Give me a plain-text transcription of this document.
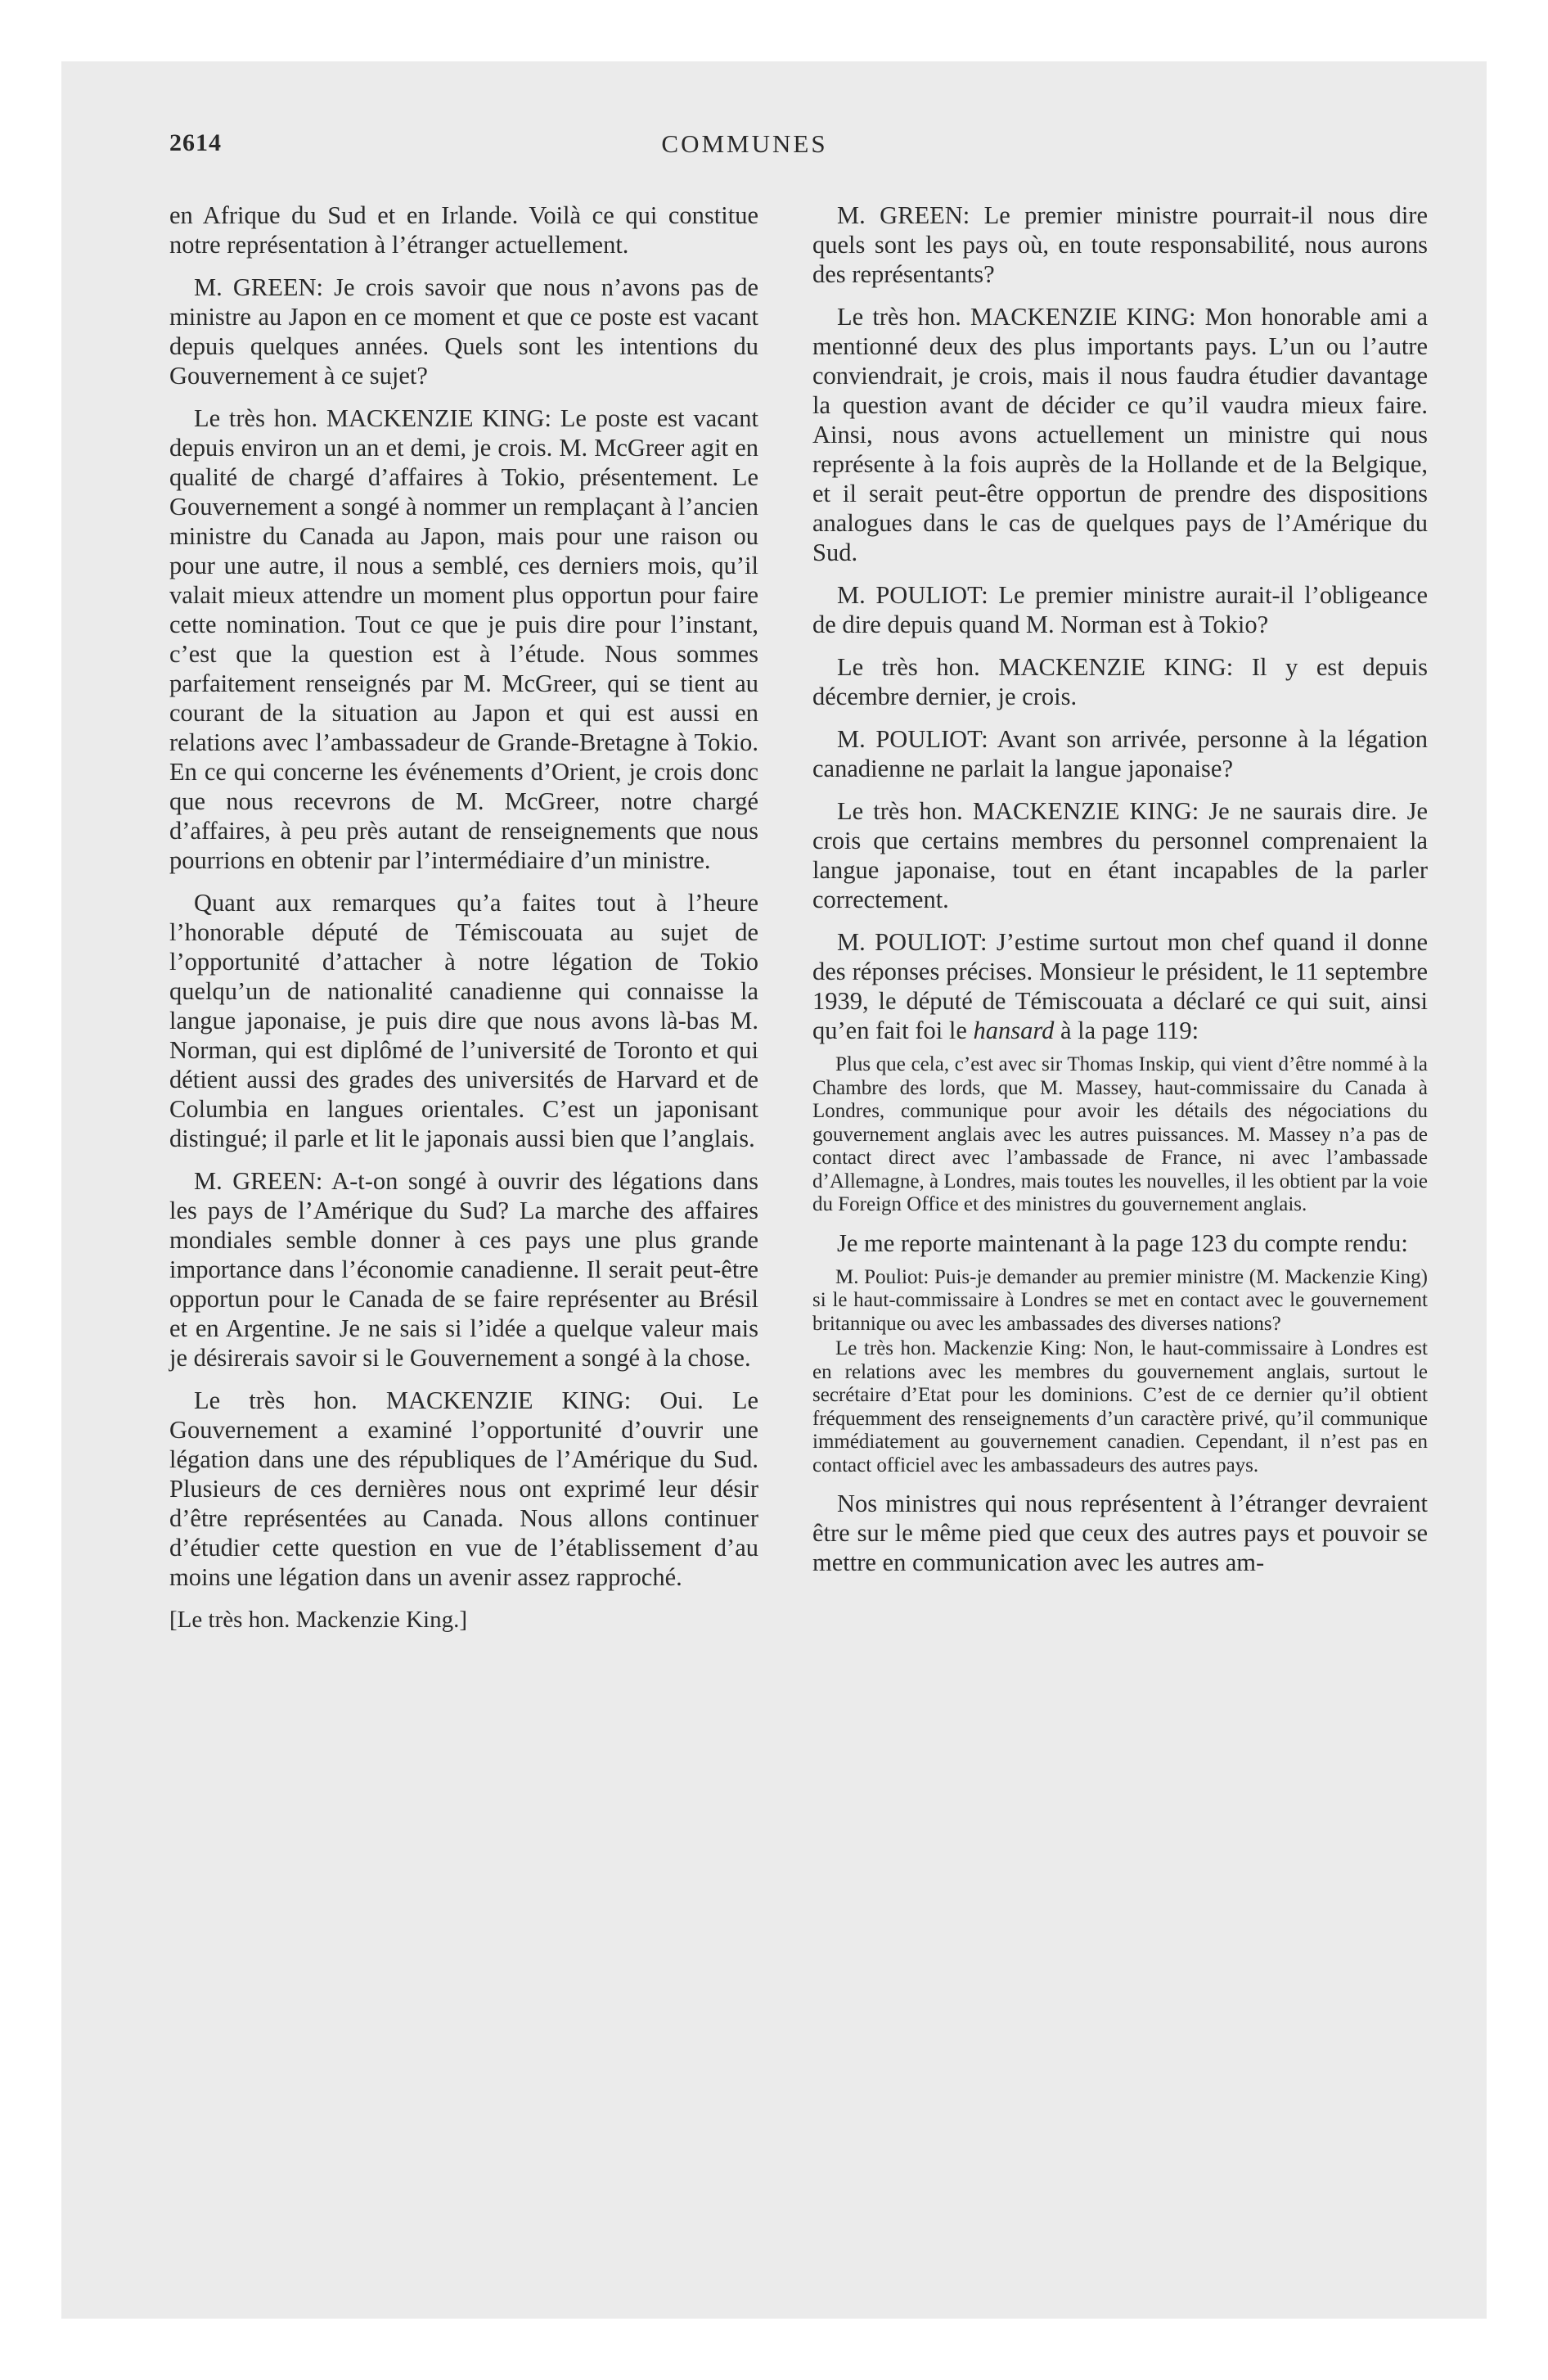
2614	COMMUNES

en Afrique du Sud et en Irlande. Voilà ce qui constitue notre représentation à l’étranger actuellement.

M. GREEN: Je crois savoir que nous n’avons pas de ministre au Japon en ce moment et que ce poste est vacant depuis quelques années. Quels sont les intentions du Gouvernement à ce sujet?

Le très hon. MACKENZIE KING: Le poste est vacant depuis environ un an et demi, je crois. M. McGreer agit en qualité de chargé d’affaires à Tokio, présentement. Le Gouvernement a songé à nommer un remplaçant à l’ancien ministre du Canada au Japon, mais pour une raison ou pour une autre, il nous a semblé, ces derniers mois, qu’il valait mieux attendre un moment plus opportun pour faire cette nomination. Tout ce que je puis dire pour l’instant, c’est que la question est à l’étude. Nous sommes parfaitement renseignés par M. McGreer, qui se tient au courant de la situation au Japon et qui est aussi en relations avec l’ambassadeur de Grande-Bretagne à Tokio. En ce qui concerne les événements d’Orient, je crois donc que nous recevrons de M. McGreer, notre chargé d’affaires, à peu près autant de renseignements que nous pourrions en obtenir par l’intermédiaire d’un ministre.

Quant aux remarques qu’a faites tout à l’heure l’honorable député de Témiscouata au sujet de l’opportunité d’attacher à notre légation de Tokio quelqu’un de nationalité canadienne qui connaisse la langue japonaise, je puis dire que nous avons là-bas M. Norman, qui est diplômé de l’université de Toronto et qui détient aussi des grades des universités de Harvard et de Columbia en langues orientales. C’est un japonisant distingué; il parle et lit le japonais aussi bien que l’anglais.

M. GREEN: A-t-on songé à ouvrir des légations dans les pays de l’Amérique du Sud? La marche des affaires mondiales semble donner à ces pays une plus grande importance dans l’économie canadienne. Il serait peut-être opportun pour le Canada de se faire représenter au Brésil et en Argentine. Je ne sais si l’idée a quelque valeur mais je désirerais savoir si le Gouvernement a songé à la chose.

Le très hon. MACKENZIE KING: Oui. Le Gouvernement a examiné l’opportunité d’ouvrir une légation dans une des républiques de l’Amérique du Sud. Plusieurs de ces dernières nous ont exprimé leur désir d’être représentées au Canada. Nous allons continuer d’étudier cette question en vue de l’établissement d’au moins une légation dans un avenir assez rapproché.

[Le très hon. Mackenzie King.]

M. GREEN: Le premier ministre pourrait-il nous dire quels sont les pays où, en toute responsabilité, nous aurons des représentants?

Le très hon. MACKENZIE KING: Mon honorable ami a mentionné deux des plus importants pays. L’un ou l’autre conviendrait, je crois, mais il nous faudra étudier davantage la question avant de décider ce qu’il vaudra mieux faire. Ainsi, nous avons actuellement un ministre qui nous représente à la fois auprès de la Hollande et de la Belgique, et il serait peut-être opportun de prendre des dispositions analogues dans le cas de quelques pays de l’Amérique du Sud.

M. POULIOT: Le premier ministre aurait-il l’obligeance de dire depuis quand M. Norman est à Tokio?

Le très hon. MACKENZIE KING: Il y est depuis décembre dernier, je crois.

M. POULIOT: Avant son arrivée, personne à la légation canadienne ne parlait la langue japonaise?

Le très hon. MACKENZIE KING: Je ne saurais dire. Je crois que certains membres du personnel comprenaient la langue japonaise, tout en étant incapables de la parler correctement.

M. POULIOT: J’estime surtout mon chef quand il donne des réponses précises. Monsieur le président, le 11 septembre 1939, le député de Témiscouata a déclaré ce qui suit, ainsi qu’en fait foi le hansard à la page 119:

Plus que cela, c’est avec sir Thomas Inskip, qui vient d’être nommé à la Chambre des lords, que M. Massey, haut-commissaire du Canada à Londres, communique pour avoir les détails des négociations du gouvernement anglais avec les autres puissances. M. Massey n’a pas de contact direct avec l’ambassade de France, ni avec l’ambassade d’Allemagne, à Londres, mais toutes les nouvelles, il les obtient par la voie du Foreign Office et des ministres du gouvernement anglais.

Je me reporte maintenant à la page 123 du compte rendu:

M. Pouliot: Puis-je demander au premier ministre (M. Mackenzie King) si le haut-commissaire à Londres se met en contact avec le gouvernement britannique ou avec les ambassades des diverses nations?

Le très hon. Mackenzie King: Non, le haut-commissaire à Londres est en relations avec les membres du gouvernement anglais, surtout le secrétaire d’Etat pour les dominions. C’est de ce dernier qu’il obtient fréquemment des renseignements d’un caractère privé, qu’il communique immédiatement au gouvernement canadien. Cependant, il n’est pas en contact officiel avec les ambassadeurs des autres pays.

Nos ministres qui nous représentent à l’étranger devraient être sur le même pied que ceux des autres pays et pouvoir se mettre en communication avec les autres am-
